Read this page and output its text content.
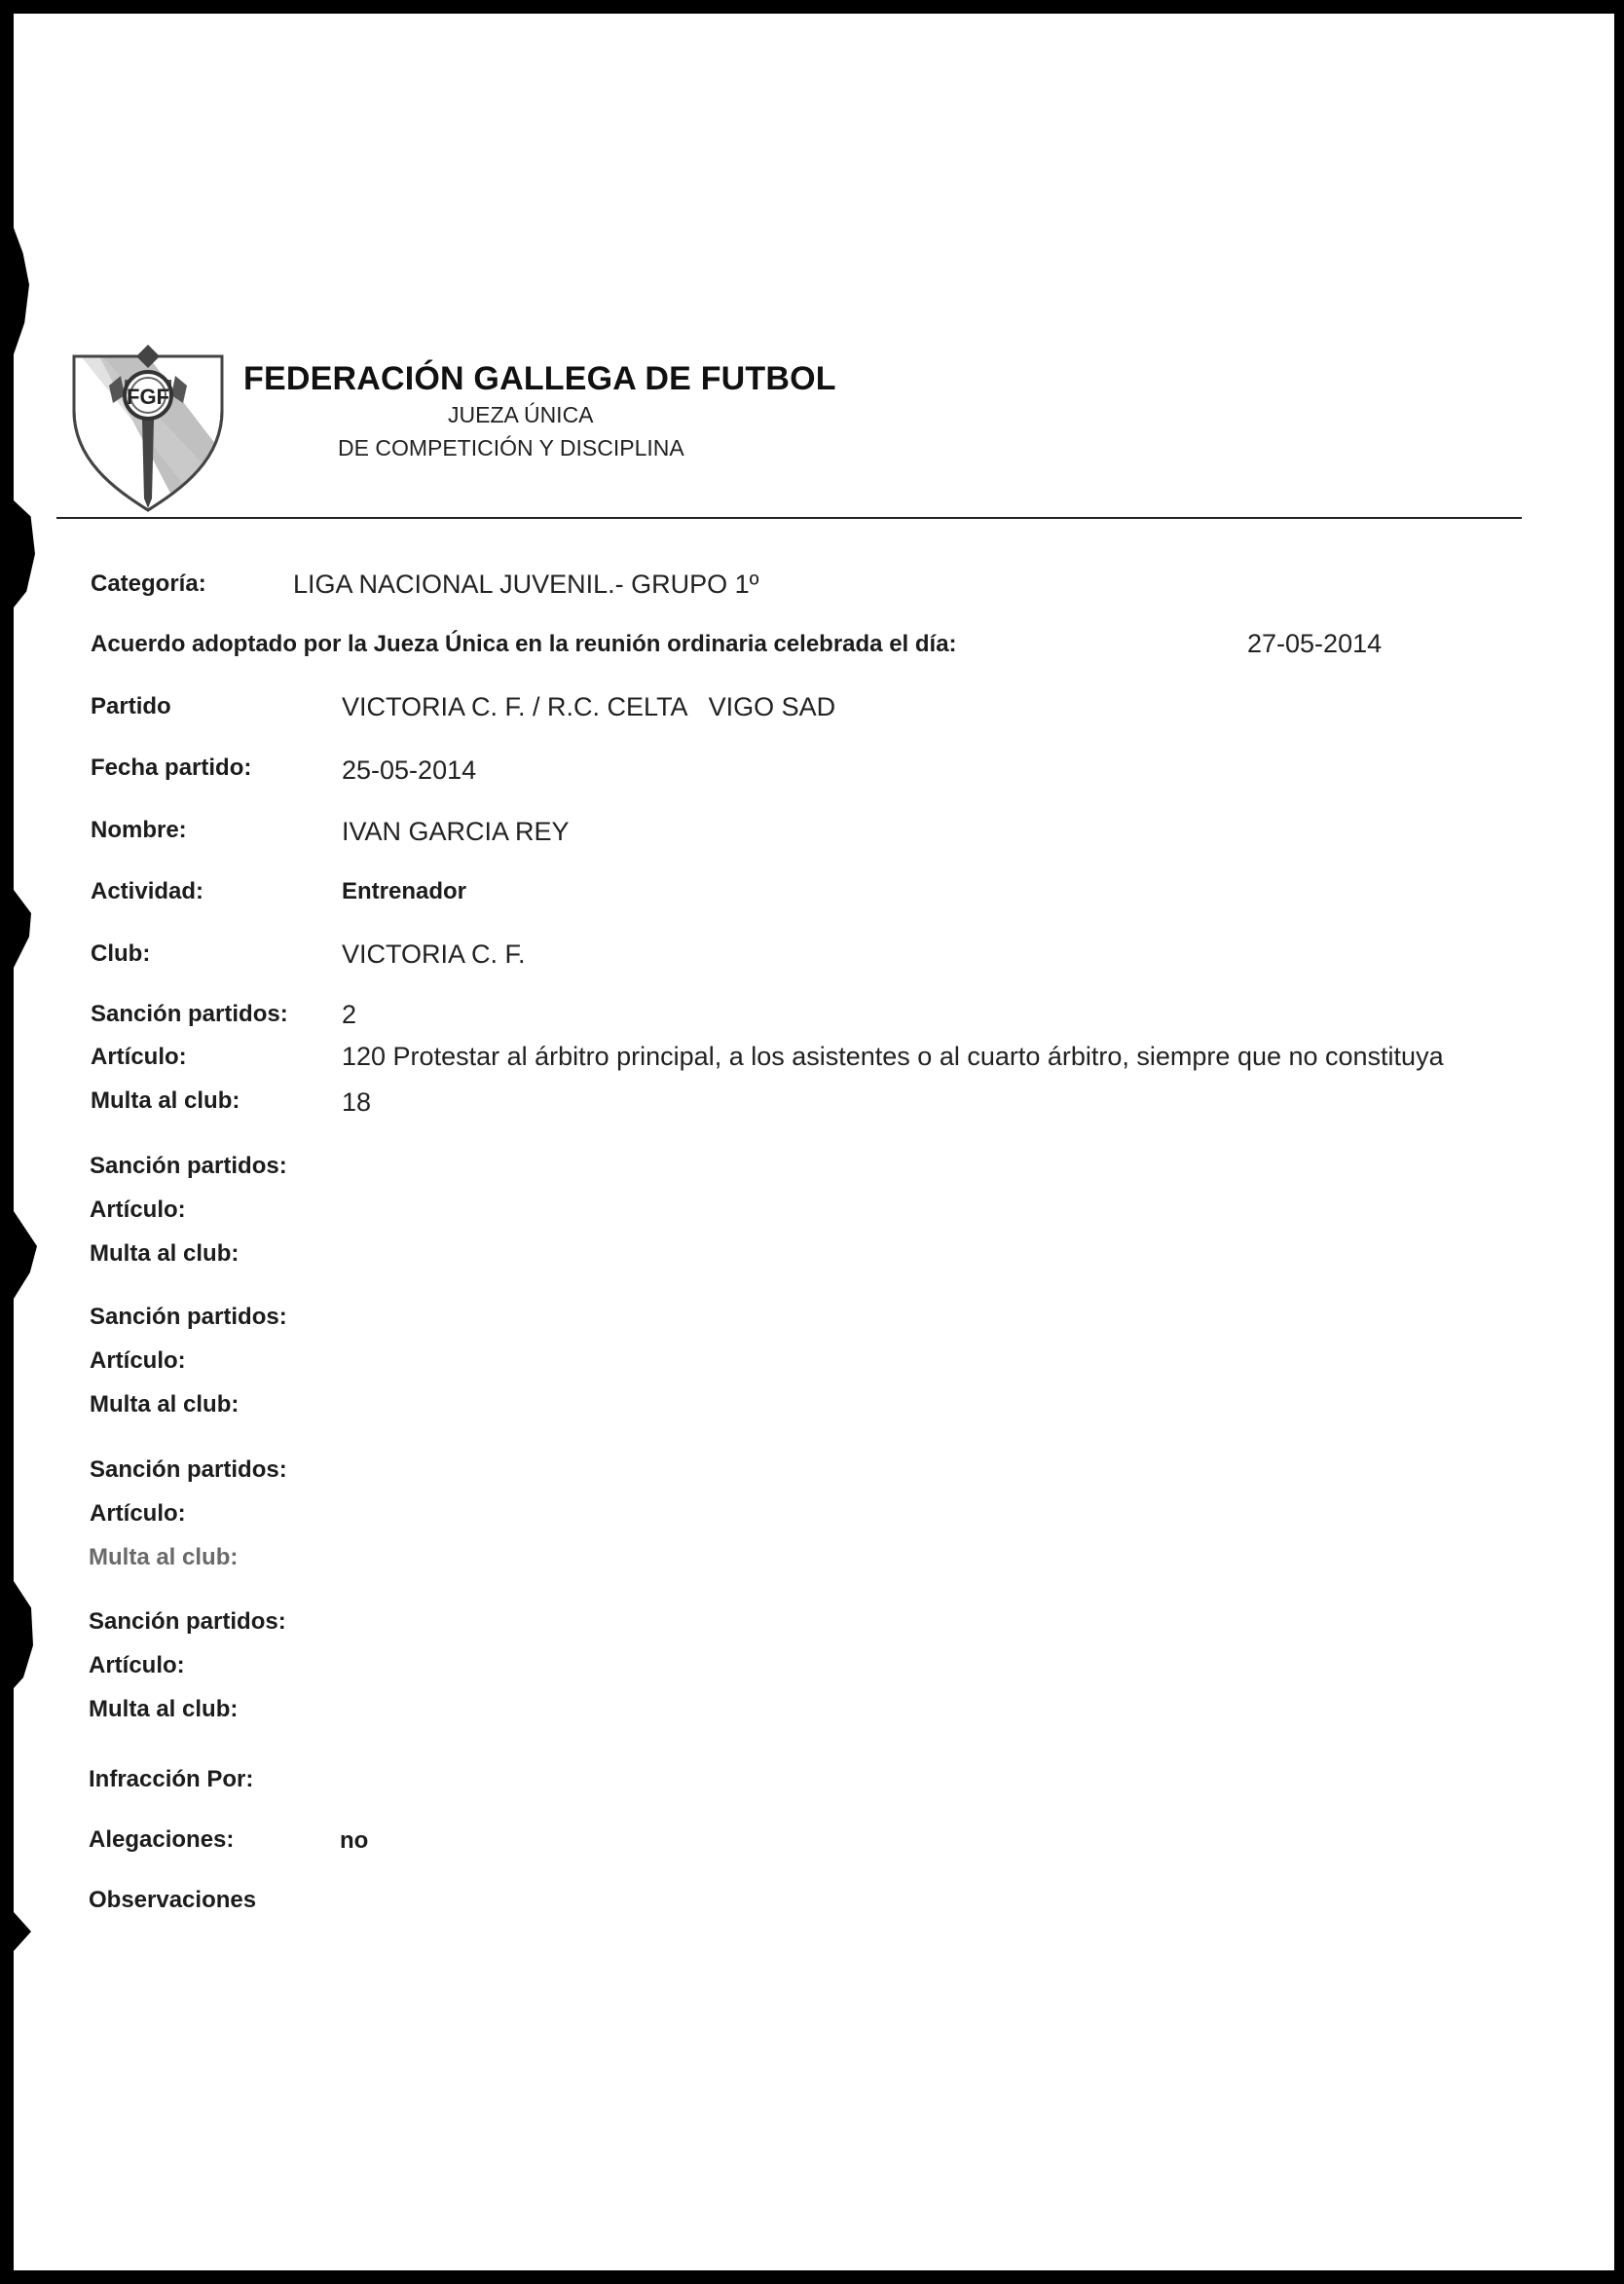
FGF FEDERACIÓN GALLEGA DE FUTBOL
JUEZA ÚNICA
DE COMPETICIÓN Y DISCIPLINA
Categoría:	LIGA NACIONAL JUVENIL.- GRUPO 1º
Acuerdo adoptado por la Jueza Única en la reunión ordinaria celebrada el día:	27-05-2014
Partido	VICTORIA C. F. / R.C. CELTA   VIGO SAD
Fecha partido:	25-05-2014
Nombre:	IVAN GARCIA REY
Actividad:	Entrenador
Club:	VICTORIA C. F.
Sanción partidos: 2
Artículo:	120 Protestar al árbitro principal, a los asistentes o al cuarto árbitro, siempre que no constituya
Multa al club:	18
Sanción partidos:
Artículo:
Multa al club:
Sanción partidos:
Artículo:
Multa al club:
Sanción partidos:
Artículo:
Multa al club:
Sanción partidos:
Artículo:
Multa al club:
Infracción Por:
Alegaciones:	no
Observaciones
